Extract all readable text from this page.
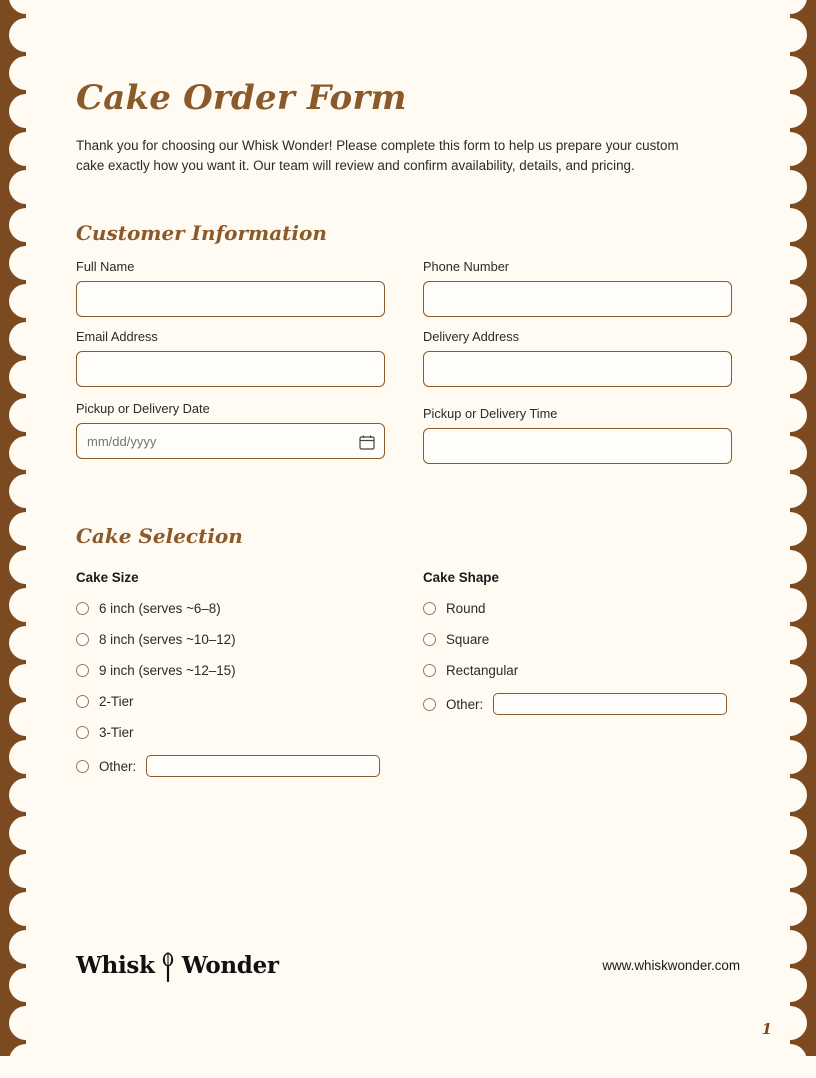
Cake Order Form

Thank you for choosing our Whisk Wonder! Please complete this form to help us prepare your custom cake exactly how you want it. Our team will review and confirm availability, details, and pricing.

Customer Information
Full Name
Email Address
Pickup or Delivery Date
mm/dd/yyyy
Phone Number
Delivery Address
Pickup or Delivery Time
Cake Selection
Cake Size
6 inch (serves ~6–8)
8 inch (serves ~10–12)
9 inch (serves ~12–15)
2-Tier
3-Tier
Other:
Cake Shape
Round
Square
Rectangular
Other:
Whisk Wonder	www.whiskwonder.com
1
